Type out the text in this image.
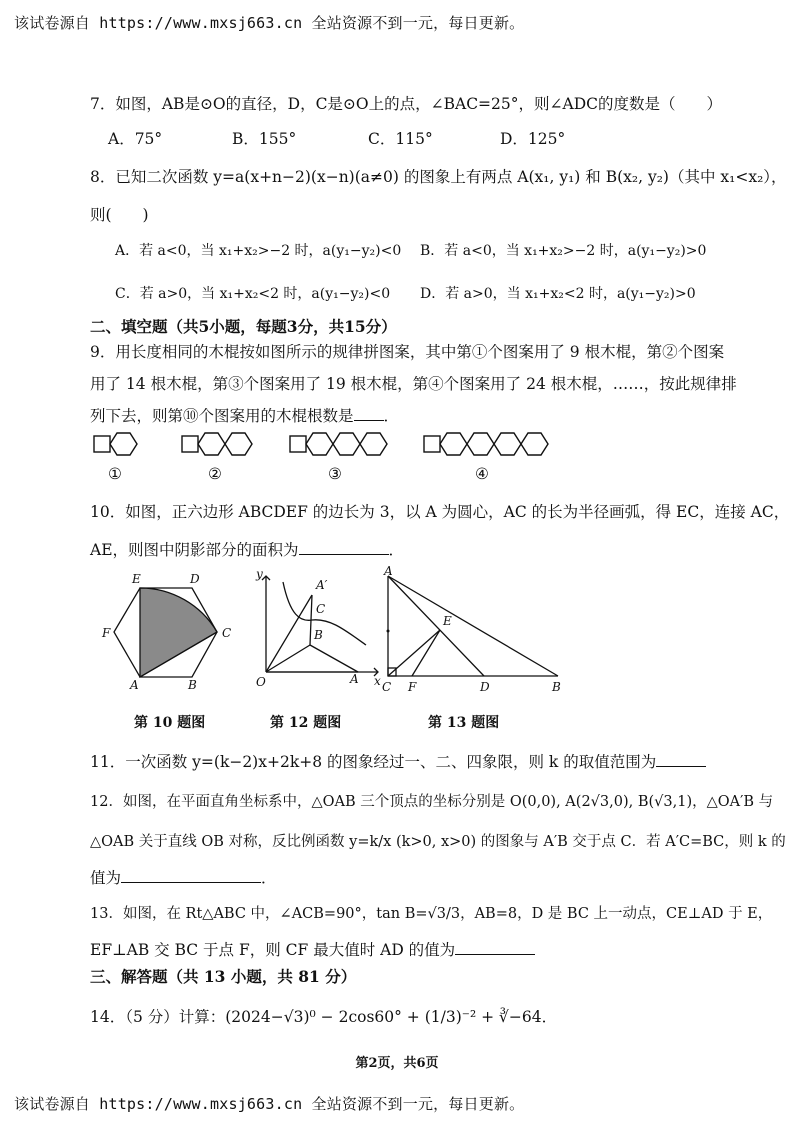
该试卷源自 https://www.mxsj663.cn 全站资源不到一元，每日更新。
7．如图，AB是⊙O的直径，D，C是⊙O上的点，∠BAC=25°，则∠ADC的度数是（　　）
A．75°	B．155°	C．115°	D．125°
8．已知二次函数 y=a(x+n−2)(x−n)(a≠0) 的图象上有两点 A(x₁, y₁) 和 B(x₂, y₂)（其中 x₁<x₂），
则(　　)
A．若 a<0，当 x₁+x₂>−2 时，a(y₁−y₂)<0 B．若 a<0，当 x₁+x₂>−2 时，a(y₁−y₂)>0
C．若 a>0，当 x₁+x₂<2 时，a(y₁−y₂)<0 D．若 a>0，当 x₁+x₂<2 时，a(y₁−y₂)>0
二、填空题（共5小题，每题3分，共15分）
9．用长度相同的木棍按如图所示的规律拼图案，其中第①个图案用了 9 根木棍，第②个图案
用了 14 根木棍，第③个图案用了 19 根木棍，第④个图案用了 24 根木棍，……，按此规律排
列下去，则第⑩个图案用的木棍根数是 ．
①	②	③	④
10．如图，正六边形 ABCDEF 的边长为 3，以 A 为圆心，AC 的长为半径画弧，得 EC，连接 AC，
AE，则图中阴影部分的面积为	．
E	D
F	C
A	B
y
A′
C
B
O	A x
A
E
C F	D	B
第 10 题图	第 12 题图	第 13 题图
11．一次函数 y=(k−2)x+2k+8 的图象经过一、二、四象限，则 k 的取值范围为
12．如图，在平面直角坐标系中，△OAB 三个顶点的坐标分别是 O(0,0), A(2√3,0), B(√3,1)，△OA′B 与
△OAB 关于直线 OB 对称，反比例函数 y=k/x (k>0, x>0) 的图象与 A′B 交于点 C．若 A′C=BC，则 k 的
值为	．
13．如图，在 Rt△ABC 中，∠ACB=90°，tan B=√3/3，AB=8，D 是 BC 上一动点，CE⊥AD 于 E，
EF⊥AB 交 BC 于点 F，则 CF 最大值时 AD 的值为
三、解答题（共 13 小题，共 81 分）
14．（5 分）计算：(2024−√3)⁰ − 2cos60° + (1/3)⁻² + ∛−64．
第2页，共6页
该试卷源自 https://www.mxsj663.cn 全站资源不到一元，每日更新。
